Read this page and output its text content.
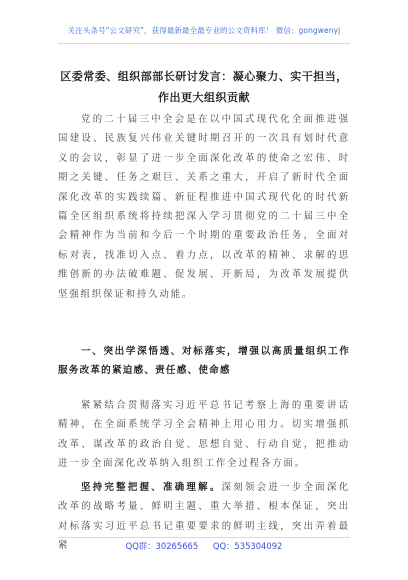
关注头条号“公文研究”，获得最新最全最专业的公文资料库！ 微信：gongwenyj
区委常委、组织部部长研讨发言：凝心聚力、实干担当，
作出更大组织贡献
党的二十届三中全会是在以中国式现代化全面推进强国建设、民族复兴伟业关键时期召开的一次具有划时代意义的会议，彰显了进一步全面深化改革的使命之宏伟、时期之关键、任务之艰巨、关系之重大，开启了新时代全面深化改革的实践续篇、新征程推进中国式现代化的时代新篇全区组织系统将持续把深入学习贯彻党的二十届三中全会精神作为当前和今后一个时期的重要政治任务，全面对标对表，找准切入点、着力点，以改革的精神、求解的思维创新的办法破难题、促发展、开新局，为改革发展提供坚强组织保证和持久动能。
一、突出学深悟透、对标落实，增强以高质量组织工作服务改革的紧迫感、责任感、使命感
紧紧结合贯彻落实习近平总书记考察上海的重要讲话精神，在全面系统学习全会精神上用心用力。切实增强抓改革、谋改革的政治自觉、思想自觉、行动自觉，把推动进一步全面深化改革纳入组织工作全过程各方面。
坚持完整把握、准确理解。深刻领会进一步全面深化改革的战略考量、鲜明主题、重大举措、根本保证，突出对标落实习近平总书记重要要求的鲜明主线，突出弄着最紧	QQ群：30265665 QQ：535304092
